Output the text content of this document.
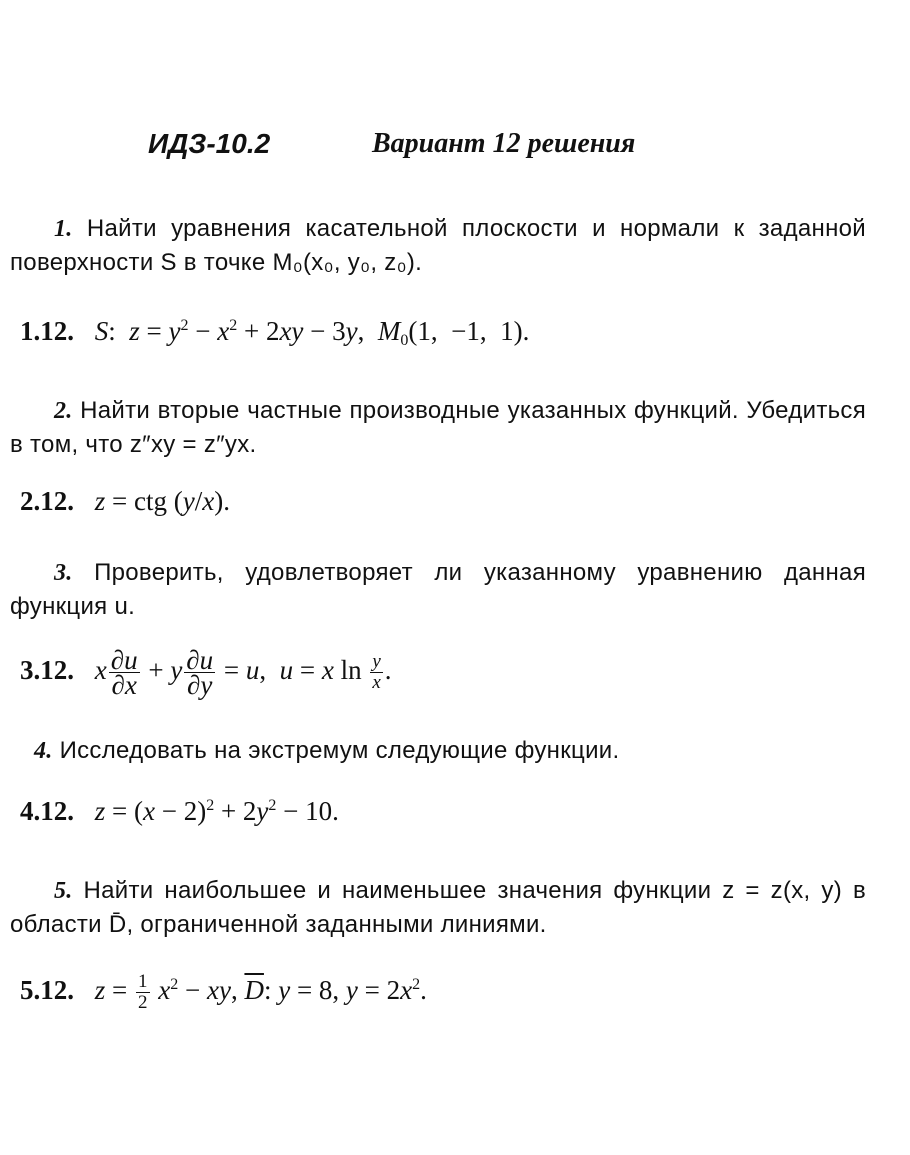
ИДЗ-10.2	Вариант 12 решения
1. Найти уравнения касательной плоскости и нормали к заданной поверхности S в точке M₀(x₀, y₀, z₀).
1.12. S:  $z = y^2 - x^2 + 2xy - 3y$,  $M_0(1$,  −1,  1).
2. Найти вторые частные производные указанных функций. Убедиться в том, что z″xy = z″yx.
2.12. z = ctg (y/x).
3. Проверить, удовлетворяет ли указанному уравнению данная функция u.
3.12. x $\frac{\partial u}{\partial x} + y \frac{\partial u}{\partial y} = u$,  u = x $\ln \frac{y}{x}$ .
4. Исследовать на экстремум следующие функции.
4.12. $z = (x - 2)^2 + 2y^2 - 10$.
5. Найти наибольшее и наименьшее значения функции z = z(x, y) в области D̄, ограниченной заданными линиями.
5.12. $z = \frac{1}{2} x^2$ − xy, $\overline{D}$: y = 8, $y = 2x^2$.
